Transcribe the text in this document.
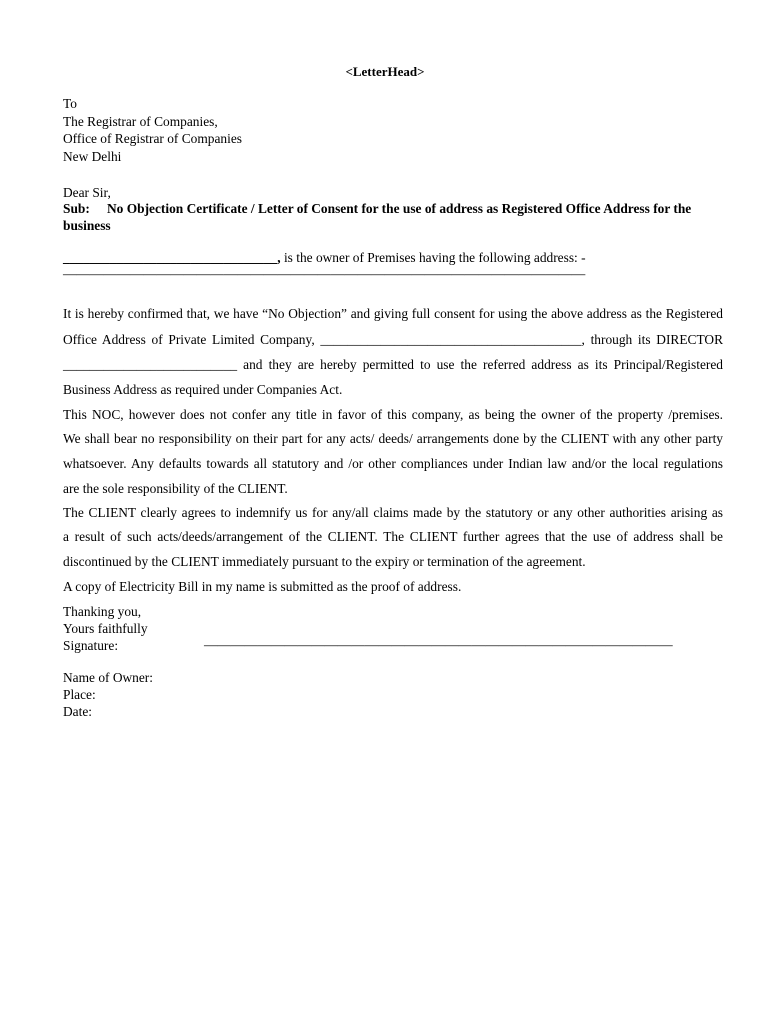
<LetterHead>
To
The Registrar of Companies,
Office of Registrar of Companies
New Delhi
Dear Sir,
Sub: No Objection Certificate / Letter of Consent for the use of address as Registered Office Address for the business
________________________________, is the owner of Premises having the following address: -
———————————————————————————————————————
It is hereby confirmed that, we have “No Objection” and giving full consent for using the above address as the Registered
Office Address of Private Limited Company, _______________________________________, through its DIRECTOR
__________________________ and they are hereby permitted to use the referred address as its Principal/Registered
Business Address as required under Companies Act.
This NOC, however does not confer any title in favor of this company, as being the owner of the property /premises.
We shall bear no responsibility on their part for any acts/ deeds/ arrangements done by the CLIENT with any other party
whatsoever. Any defaults towards all statutory and /or other compliances under Indian law and/or the local regulations
are the sole responsibility of the CLIENT.
The CLIENT clearly agrees to indemnify us for any/all claims made by the statutory or any other authorities arising as
a result of such acts/deeds/arrangement of the CLIENT. The CLIENT further agrees that the use of address shall be
discontinued by the CLIENT immediately pursuant to the expiry or termination of the agreement.
A copy of Electricity Bill in my name is submitted as the proof of address.
Thanking you,
Yours faithfully
Signature:	———————————————————————————————————
Name of Owner:
Place:
Date:
